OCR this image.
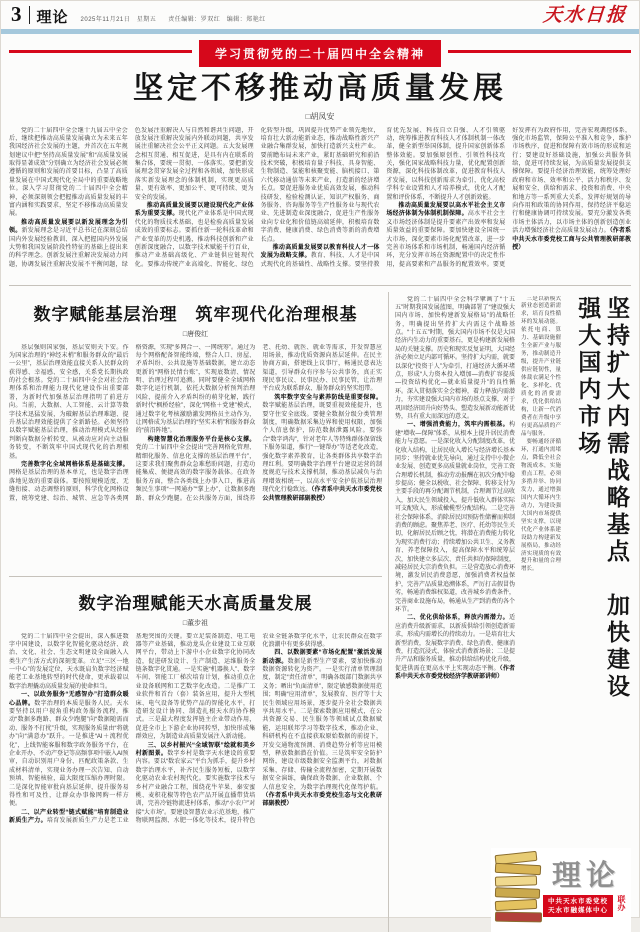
3 理论 2025年11月21日　星期五 责任编辑：罗双红　编辑：郑艳红	天水日报
学习贯彻党的二十届四中全会精神
坚定不移推动高质量发展
□胡凤安

党的二十届四中全会继十九届五中全会后，继续把推动高质量发展确立为未来五年我国经济社会发展的主题，并首次在五年规划建议中把“坚持高质量发展”和“高质量发展取得显著成效”分别确立为经济社会发展必须遵循的原则和发展的首要目标，凸显了高质量发展在中国式现代化全局中的重要战略地位。深入学习贯彻党的二十届四中全会精神，必须深刻领会把握推动高质量发展的丰富内涵和实践要求，坚定不移推动高质量发展。

推动高质量发展要以新发展理念为引领。新发展理念是习近平总书记在深刻总结国内外发展经验教训、深入把握国内外发展大势和我国发展阶段性特征的基础上提出来的科学理念。创新发展注重解决发展动力问题，协调发展注重解决发展不平衡问题，绿色发展注重解决人与自然和谐共生问题，开放发展注重解决发展内外联动问题，共享发展注重解决社会公平正义问题。五大发展理念相互贯通、相互促进，是具有内在联系的集合体，要统一贯彻、一体落实。要把新发展理念贯穿发展全过程和各领域，加快形成落实新发展理念的体制机制，实现更高质量、更有效率、更加公平、更可持续、更为安全的发展。

推动高质量发展要以建设现代化产业体系为重要支撑。现代化产业体系是中国式现代化的物质技术基础，也是检验高质量发展成效的重要标志。要抓住新一轮科技革命和产业变革的历史机遇，推动科技创新和产业创新深度融合，以数字技术赋能千行百业，推动产业基础高级化、产业链供应链现代化。要推动传统产业高端化、智能化、绿色化转型升级，巩固提升优势产业领先地位，培育壮大新动能新业态，推动战略性新兴产业融合集群发展，加快打造新兴支柱产业。要前瞻布局未来产业，紧盯基础研究和前沿技术突破，积极培育量子科技、具身智能、生物制造、氢能和核聚变能、脑机接口、第六代移动通信等未来产业，打造新的经济增长点。要促进服务业优质高效发展，推动科技研发、检验检测认证、知识产权服务、商务服务、咨询服务等生产性服务业与现代农业、先进制造业深度融合，促进生产性服务业向专业化和价值链高端延伸，积极培育数字消费、健康消费、绿色消费等新的消费增长点。

推动高质量发展要以教育科技人才一体发展为战略支撑。教育、科技、人才是中国式现代化的基础性、战略性支撑。要坚持教育优先发展、科技自立自强、人才引领驱动，统筹推进教育科技人才体制机制一体改革，健全新型举国体制，提升国家创新体系整体效能。要加强原创性、引领性科技攻关，强化国家战略科技力量，优化配置创新资源，深化科技体制改革，促进教育科技人才发展，以科技创新需求为牵引，优化高校学科专业设置和人才培养模式，优化人才配置和评价体系，不断提升人才创新效能。

推动高质量发展要以高水平社会主义市场经济体制为体制机制保障。高水平社会主义市场经济体制是提升要素产出效率和发展质量效益的重要保障。要加快建设全国统一大市场，深化要素市场化配置改革，进一步完善市场体系和市场机制，畅通国内经济循环，充分发挥市场在资源配置中的决定性作用，提高要素和产品服务的配置效率。要更好发挥有为政府作用，完善宏观调控体系，强化市场监管，保障公平准入和竞争，维护市场秩序，促进和保障有效市场的形成和运行；要建设好基础设施，加强公共服务供给，促进可持续发展，为高质量发展提供支撑保障。要提升经济治理效能，统筹处理好政府和市场、效率和公平、活力和秩序、发展和安全、供给和需求、投资和消费、中央和地方等一系列重大关系，发挥好规划的导向作用和政策的协同作用，保持经济平稳运行和健康协调可持续发展。要充分激发各类市场主体活力，以市场主体的创新创造创业活力增强经济社会高质量发展动力。（作者系中共天水市委党校工商与公共管理教研部教授）

数字赋能基层治理　筑牢现代化治理根基
□唐俊红

基层强则国家强，基层安则天下安。作为国家治理的“神经末梢”和服务群众的“最后一公里”，基层治理效能直接关系人民群众的获得感、幸福感、安全感，关系党长期执政的社会根基。党的二十届四中全会对社会治理体系和治理能力现代化建设作出重要部署，为新时代加强基层治理指明了前进方向。当前，大数据、人工智能、云计算等数字技术迅猛发展，为破解基层治理难题、提升基层治理效能提供了全新路径。必须坚持以数字赋能基层治理，推动治理模式从经验判断向数据分析转变、从被动应对向主动服务转变，不断筑牢中国式现代化的治理根基。

完善数字化全域网格体系是基础支撑。网格是基层治理的基本单元，也是数字治理落地见效的重要载体。要按照规模适度、无缝衔接、动态调整的原则，科学优化网格设置，统筹党建、综治、城管、应急等各类网格资源，实现“多网合一、一网统筹”。通过为每个网格配备智能终端，整合人口、房屋、矛盾纠纷、公共设施等基础数据，建立动态更新的“网格民情台账”，实现底数清、情况明、治理过程可追溯。同时要健全全域网格数字化运行机制，依托大数据分析预判治理风险，提前介入矛盾纠纷的萌芽化解，践行新时代“枫桥经验”，深化“网格＋党建”模式，通过数字化考核激励激发网格员主动作为，让网格成为基层治理的“坚实末梢”和服务群众的“前沿阵地”。

构建智慧化治理服务平台是核心支撑。党的二十届四中全会提出“完善网格化管理、精细化服务、信息化支撑的基层治理平台”，这要求我们聚焦群众急难愁盼问题，打造功能集成、便捷高效的数字服务载体。在政务服务方面，整合各类线上办事入口，推进高频民生事项“一网通办”“掌上办”，让数据多跑路、群众少跑腿。在公共服务方面，围绕养老、托幼、就医、就业等需求，开发智慧应用场景，推动优质资源向基层延伸。在民主协商方面，搭建线上议事厅，畅通民意表达渠道，引导群众有序参与公共事务，真正实现民事民议、民事民办、民事民管，让治理平台成为联系群众、服务群众的坚实纽带。

筑牢数字安全与素养防线是重要保障。数字赋能基层治理，既要重视效能提升，也要守住安全底线。要健全数据分级分类管理制度，明确数据采集边界和使用权限，加强个人信息保护，防范数据泄露风险。要弥合“数字鸿沟”，针对老年人等特殊群体保留线下服务渠道，推行“一键帮办”等适老化改造，强化数字素养教育，让各类群体共享数字治理红利。要明确数字治理平台建设运营的制度规范与技术支撑机制，推动基层减负与治理增效相统一，以高水平安全护航基层治理现代化行稳致远。（作者系中共天水市委党校公共管理教研部副教授）

数字治理赋能天水高质量发展
□董步祖

党的二十届四中全会提出，深入推进数字中国建设，以数字化智能化驱动经济、政治、文化、社会、生态文明建设全面融入人类生产生活方式的深刻变革。立足“三区一地一中心”的发展定位，天水既肩负数字经济赋能老工业基地转型的时代使命，更承载着以数字治理撬动高质量发展的使命担当。

一、以政务服务“无感智办”打造群众暖心品牌。数字治理的本质是服务人民。天水要坚持以用户视角重构政务服务流程，推动“数据多跑路、群众少跑腿”向“数据随需而动、服务不打扰”升级，实现服务质量由“将就办”向“满意办”跃升。一是推进“AI＋流程优化”，上线智能客服和数字政务服务平台，在企业开办、不动产登记等高频事项中嵌入AI预审，自动识别用户身份、匹配政策条款、生成材料清单，实现业务办理一次告知、自动预填、智能核验，最大限度压缩办理时限。二是深化智能审批向基层延伸，提升服务易得性和可及性，让群众办事像网购一样方便。

二、以产业转型“链式赋能”培育制造业新质生产力。培育发展新质生产力是老工业基地突围的关键。要立足装备制造、电工电器等产业基础，推动龙头企业建设工业互联网平台，带动上下游中小企业数字化协同改造，促进研发设计、生产制造、运维服务全链条数字化贯通。一是实施“机器换人”、数字车间、智能工厂梯次培育计划，推动重点企业设备联网和工艺数字化改造。二是推广工业软件和首台（套）装备应用，提升大型机床、电气设备等优势产品的智能化水平，打造研发设计协同、制造扎根天水的协作模式。三是最大程度发挥链主企业带动作用，促进全市上下游企业协同转型，加快形成集群效应，为制造业高质量发展注入新动能。

三、以乡村振兴“全域智联”绘就和美乡村新图景。数字乡村是数字天水建设的重要内容。要以“数农家云”平台为抓手，提升乡村数字治理水平，补齐民生服务短板，以数字化驱动农业农村现代化。要实施数字技术与乡村产业融合工程，围绕花牛苹果、秦安蜜桃、麦积花椒等特色农产品开展直播带货培训，完善冷链物流进村体系，推动“小农户”对接“大市场”。要建设智慧农业示范基地，推广物联网监测、水肥一体化等技术，提升特色农业全链条数字化水平，让农民群众在数字化浪潮中有更多获得感。

四、以数据要素“市场化配置”激活发展新动源。数据是新型生产要素，要加快推动数据资源转化为资产。一是实行清单管理制度，制定“责任清单”，明确各级部门数据共享义务；晒出“负面清单”，限定敏感数据使用范围；明确“应用清单”，发展教育、医疗等十大民生领域应用场景，逐步提升全社会数据共享共用水平。二是探索数据应用模式，在公共资源交易、民生服务等领域试点数据赋能，运用联邦学习等数字技术，推动企业、科研机构在不直接获取原始数据的前提下，开发交通物流预测、消费趋势分析等应用模型，释放数据潜在价值。三是筑牢安全防护网络，建设市级数据安全监测平台，对数据采集、存储、传输全流程加密，定期开展数据安全演练，确保政务数据、企业数据、个人信息安全，为数字治理现代化保驾护航。（作者系中共天水市委党校生态与文化教研部副教授）

党的二十届四中全会科学擘画了“十五五”时期我国发展蓝图，明确部署了“建设强大国内市场、加快构建新发展格局”的战略任务，明确提出坚持扩大内需这个战略基点。“十五五”时期，强大国内市场不仅是大国经济内生动力的重要基石，更是构建新发展格局的关键支撑。历史和现实反复证明，大国经济必须立足内部可循环。坚持扩大内需，就要以深化“投资于人”为牵引，打通经济大循环堵点，形成“人力资本投入增加—消费扩容提质—投资结构优化—就业质量提升”的良性循环。深入贯彻落实全会精神，着力释放内需潜力，夯实建设强大国内市场的基点支撑，对于巩固经济回升向好势头、塑造发展新动能新优势，具有重大而深远的意义。

一、增强消费能力，筑牢内需根基。构建“增收—保障”体系，从根本上提升居民消费能力与意愿。一是深化收入分配制度改革，优化收入结构，让居民收入增长与经济增长基本同步；坚持就业优先导向，通过支持中小微企业发展、创造更多高质量就业岗位，完善工资合理增长机制，推动劳动报酬在初次分配中稳步提高；健全以税收、社会保障、转移支付为主要手段的再分配调节机制，合理调节过高收入，加大民生领域投入，提升低收入群体实际可支配收入，形成橄榄型分配结构。二是完善社会保障体系，消除居民因预防性储蓄而抑制消费的顾虑。聚焦养老、医疗、托幼等民生关切，化解居民后顾之忧，将潜在消费能力转化为现实消费行动；持续增加公共卫生、义务教育、养老保障投入，提高保障水平和统筹层次，加快建立多层次、责任共担的保障制度，减轻居民大宗消费负担。三是营造放心消费环境，激发居民消费意愿，加强消费者权益保护，完善产品质量追溯体系，严厉打击假冒伪劣，畅通消费维权渠道，改善城乡消费条件，完善商业设施布局，畅通从生产到消费的各个环节。

二、优化供给体系，释放内需潜力。适应消费升级新需求，以新质供给引领创造新需求，形成内需增长的持续动力。一是培育壮大新型消费，发展数字消费、绿色消费、健康消费，打造沉浸式、体验式消费新场景；二是提升产品和服务质量，推动供给结构优化升级，促进供需在更高水平上实现动态平衡。（作者系中共天水市委党校经济学教研部讲师）

三是以新模式新业态创造新需求，培育良性循环的发展动能。依托电商、算力、基础设施催生全新产业与服务，推动制造升级，提升产业链供应链韧性，量体裁衣满足个性化、多样化、优质化的消费需求，优化供给结构，让新一代消费者在升级中享有更高品质的产品与服务。

要畅通经济循环，打通内需堵点，降低全社会物流成本，实施重点工程，必须多措并举、协同发力，通过增强国内大循环内生动力，为建设强大国内市场提供坚实支撑，以现代化产业体系建设助力构建新发展格局，推动经济实现质的有效提升和量的合理增长。	坚持扩大内需战略基点　加快建设强大国内市场
理论
中共天水市委党校
天水市融媒体中心 联办
